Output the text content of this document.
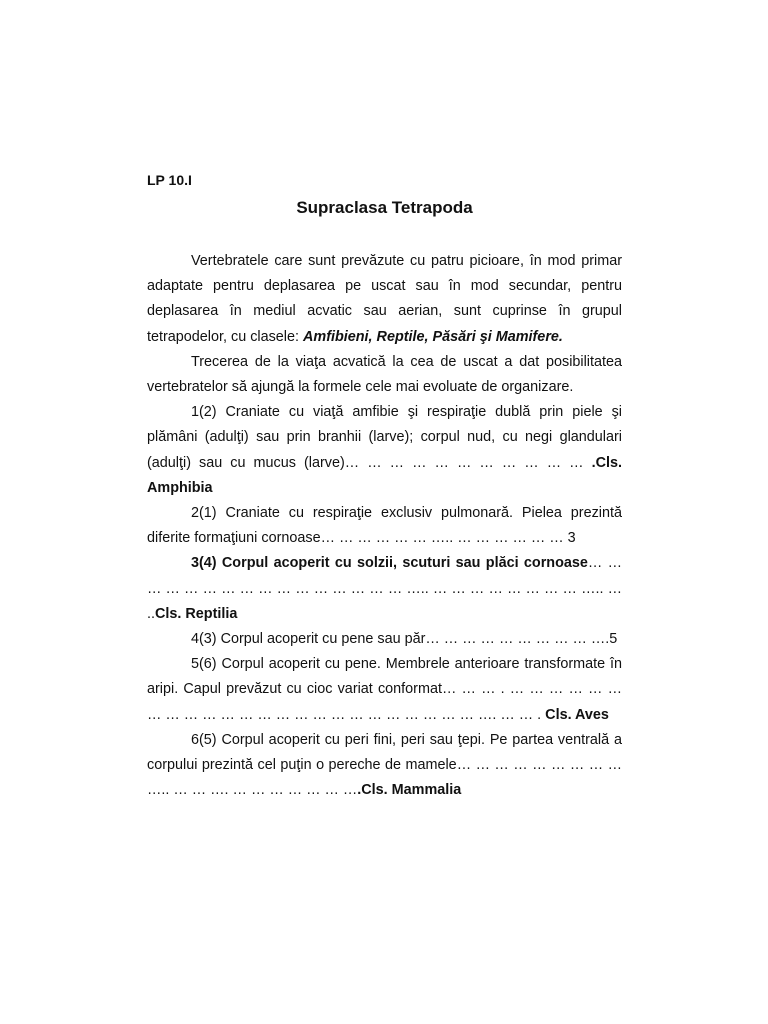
LP 10.I
Supraclasa Tetrapoda

Vertebratele care sunt prevăzute cu patru picioare, în mod primar adaptate pentru deplasarea pe uscat sau în mod secundar, pentru deplasarea în mediul acvatic sau aerian, sunt cuprinse în grupul tetrapodelor, cu clasele: Amfibieni, Reptile, Păsări şi Mamifere.

Trecerea de la viaţa acvatică la cea de uscat a dat posibilitatea vertebratelor să ajungă la formele cele mai evoluate de organizare.

1(2) Craniate cu viaţă amfibie şi respiraţie dublă prin piele şi plămâni (adulţi) sau prin branhii (larve); corpul nud, cu negi glandulari (adulţi) sau cu mucus (larve)… … … … … … … … … … … .Cls. Amphibia

2(1) Craniate cu respiraţie exclusiv pulmonară. Pielea prezintă diferite formaţiuni cornoase… … … … … … ….. … … … … … … 3

3(4) Corpul acoperit cu solzii, scuturi sau plăci cornoase… … … … … … … … … … … … … … … … ….. … … … … … … … … ….. … ..Cls. Reptilia

4(3) Corpul acoperit cu pene sau păr… … … … … … … … … ….5

5(6) Corpul acoperit cu pene. Membrele anterioare transformate în aripi. Capul prevăzut cu cioc variat conformat… … … . … … … … … … … … … … … … … … … … … … … … … … … … …. … … . Cls. Aves

6(5) Corpul acoperit cu peri fini, peri sau ţepi. Pe partea ventrală a corpului prezintă cel puţin o pereche de mamele… … … … … … … … … ….. … … …. … … … … … … ….Cls. Mammalia
